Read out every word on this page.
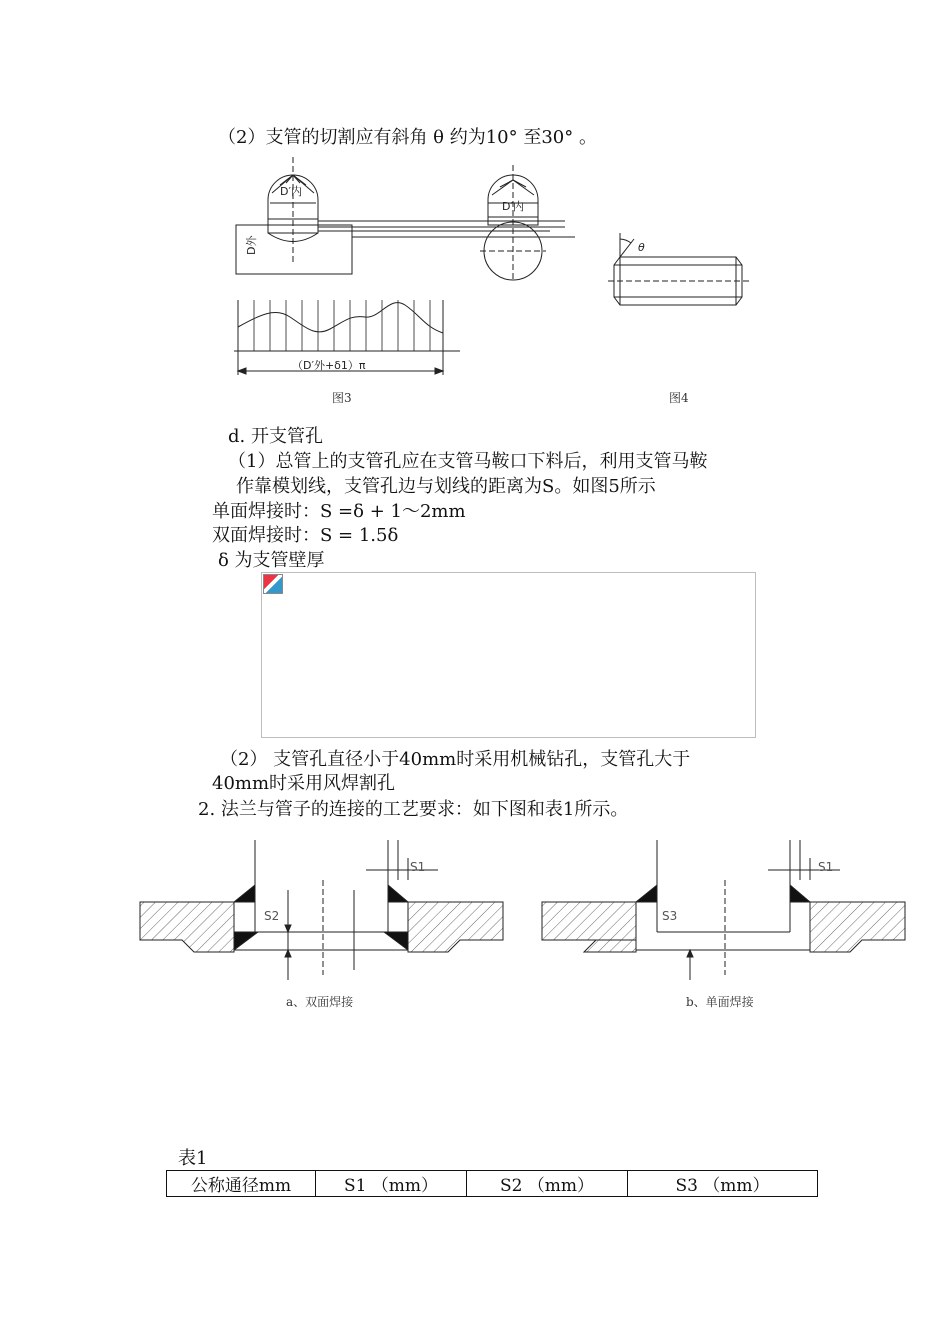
（2）支管的切割应有斜角 θ 约为10° 至30° 。
D′内
D′内
D外
（D′外+δ1）π
图3
θ
图4
d. 开支管孔
（1）总管上的支管孔应在支管马鞍口下料后，利用支管马鞍
作靠模划线，支管孔边与划线的距离为S。如图5所示
单面焊接时：S =δ + 1～2mm
双面焊接时：S = 1.5δ
δ 为支管壁厚
（2） 支管孔直径小于40mm时采用机械钻孔，支管孔大于
40mm时采用风焊割孔
2. 法兰与管子的连接的工艺要求：如下图和表1所示。
S1
S2
a、双面焊接
S1
S3
b、单面焊接
表1
公称通径mm	S1 （mm）	S2 （mm）	S3 （mm）
